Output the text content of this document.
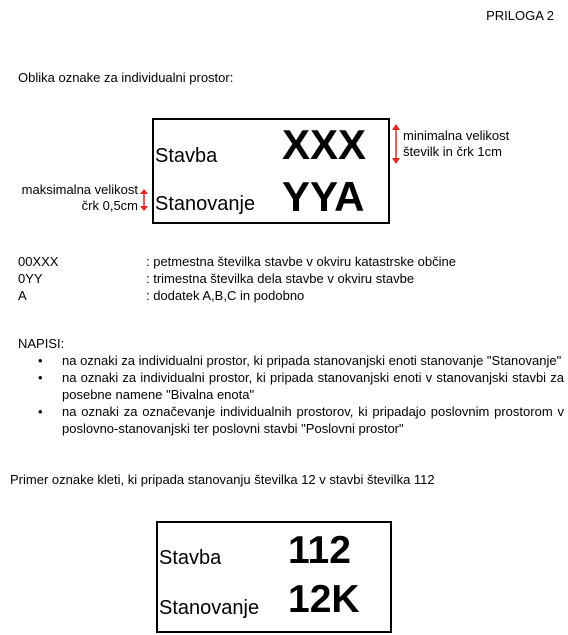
PRILOGA 2
Oblika oznake za individualni prostor:
Stavba XXX
Stanovanje YYA
minimalna velikost
številk in črk 1cm
maksimalna velikost
črk 0,5cm
00XXX	: petmestna številka stavbe v okviru katastrske občine
0YY	: trimestna številka dela stavbe v okviru stavbe
A	: dodatek A,B,C in podobno
NAPISI:
• na oznaki za individualni prostor, ki pripada stanovanjski enoti stanovanje "Stanovanje"
• na oznaki za individualni prostor, ki pripada stanovanjski enoti v stanovanjski stavbi za posebne namene "Bivalna enota"
• na oznaki za označevanje individualnih prostorov, ki pripadajo poslovnim prostorom v poslovno-stanovanjski ter poslovni stavbi "Poslovni prostor"
Primer oznake kleti, ki pripada stanovanju številka 12 v stavbi številka 112
Stavba 112
Stanovanje 12K
